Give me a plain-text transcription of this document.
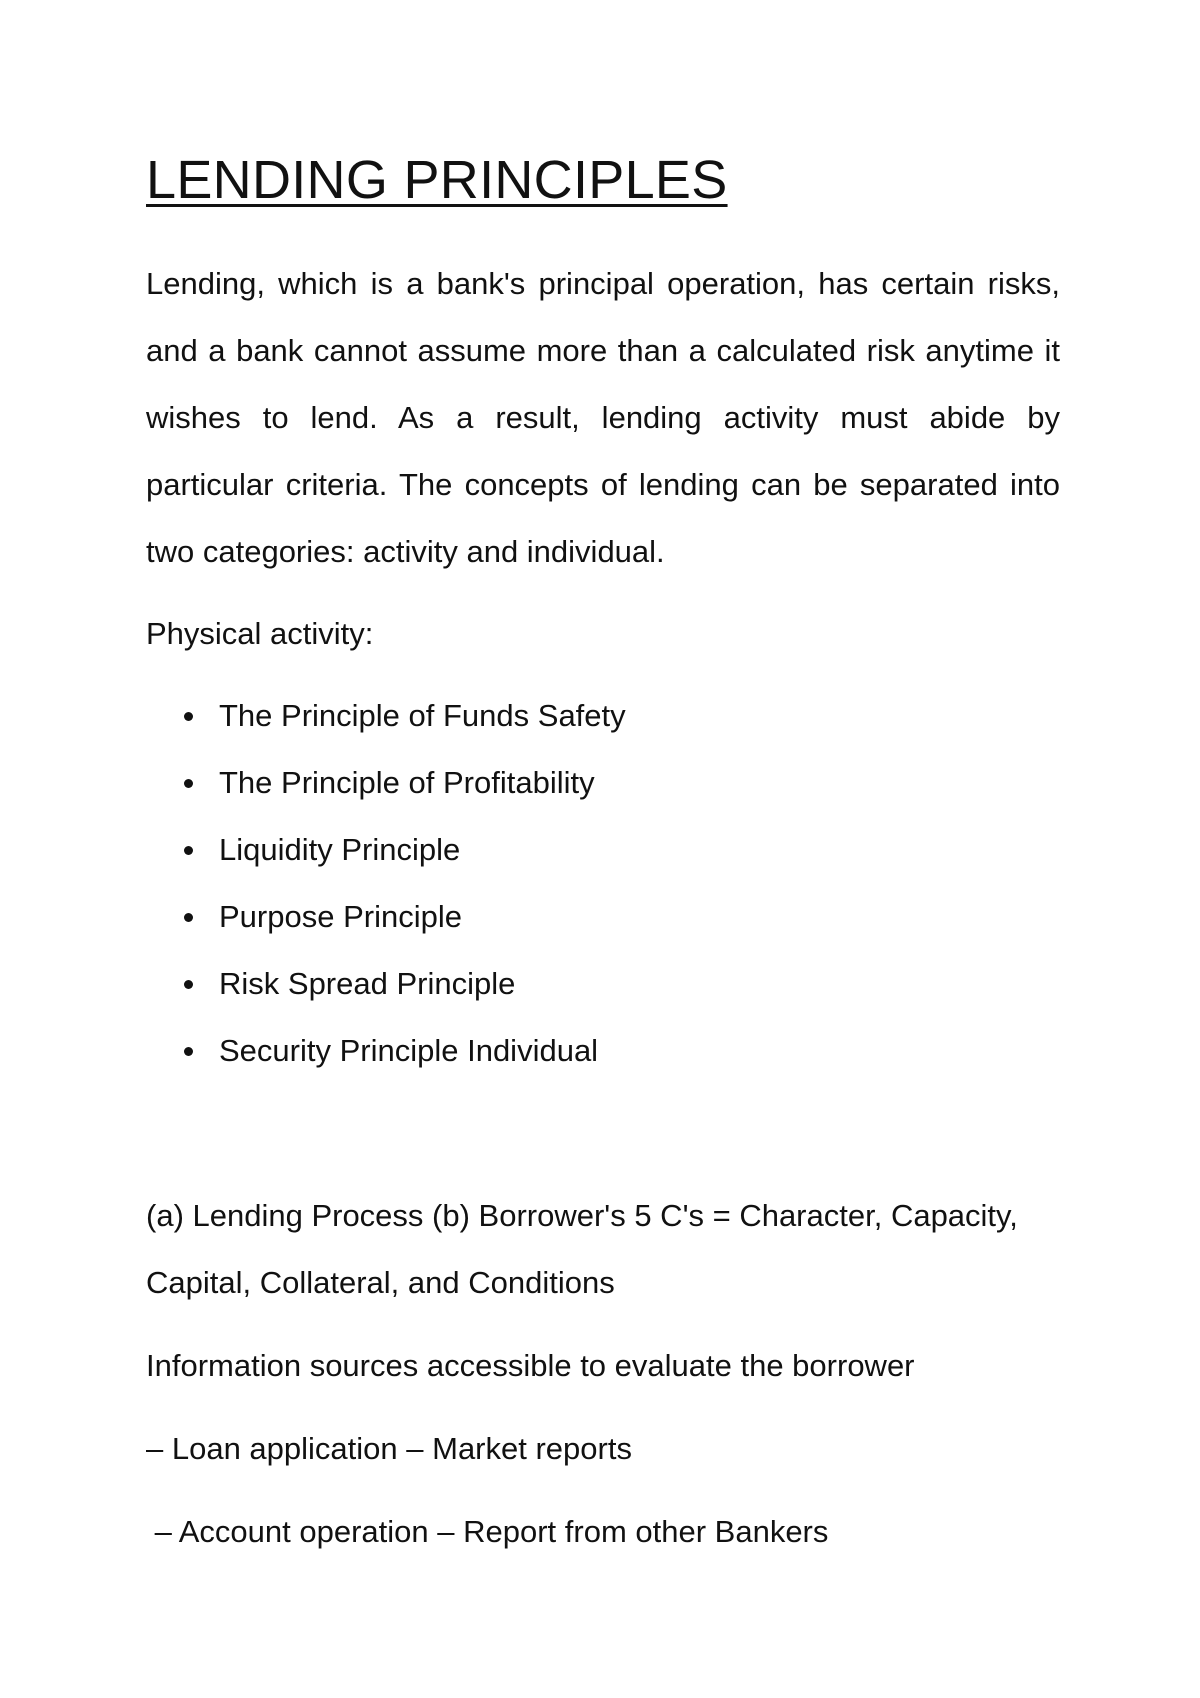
LENDING PRINCIPLES

Lending, which is a bank's principal operation, has certain risks, and a bank cannot assume more than a calculated risk anytime it wishes to lend. As a result, lending activity must abide by particular criteria. The concepts of lending can be separated into two categories: activity and individual.

Physical activity:

The Principle of Funds Safety
The Principle of Profitability
Liquidity Principle
Purpose Principle
Risk Spread Principle
Security Principle Individual

(a) Lending Process (b) Borrower's 5 C's = Character, Capacity, Capital, Collateral, and Conditions

Information sources accessible to evaluate the borrower

– Loan application – Market reports

– Account operation – Report from other Bankers
